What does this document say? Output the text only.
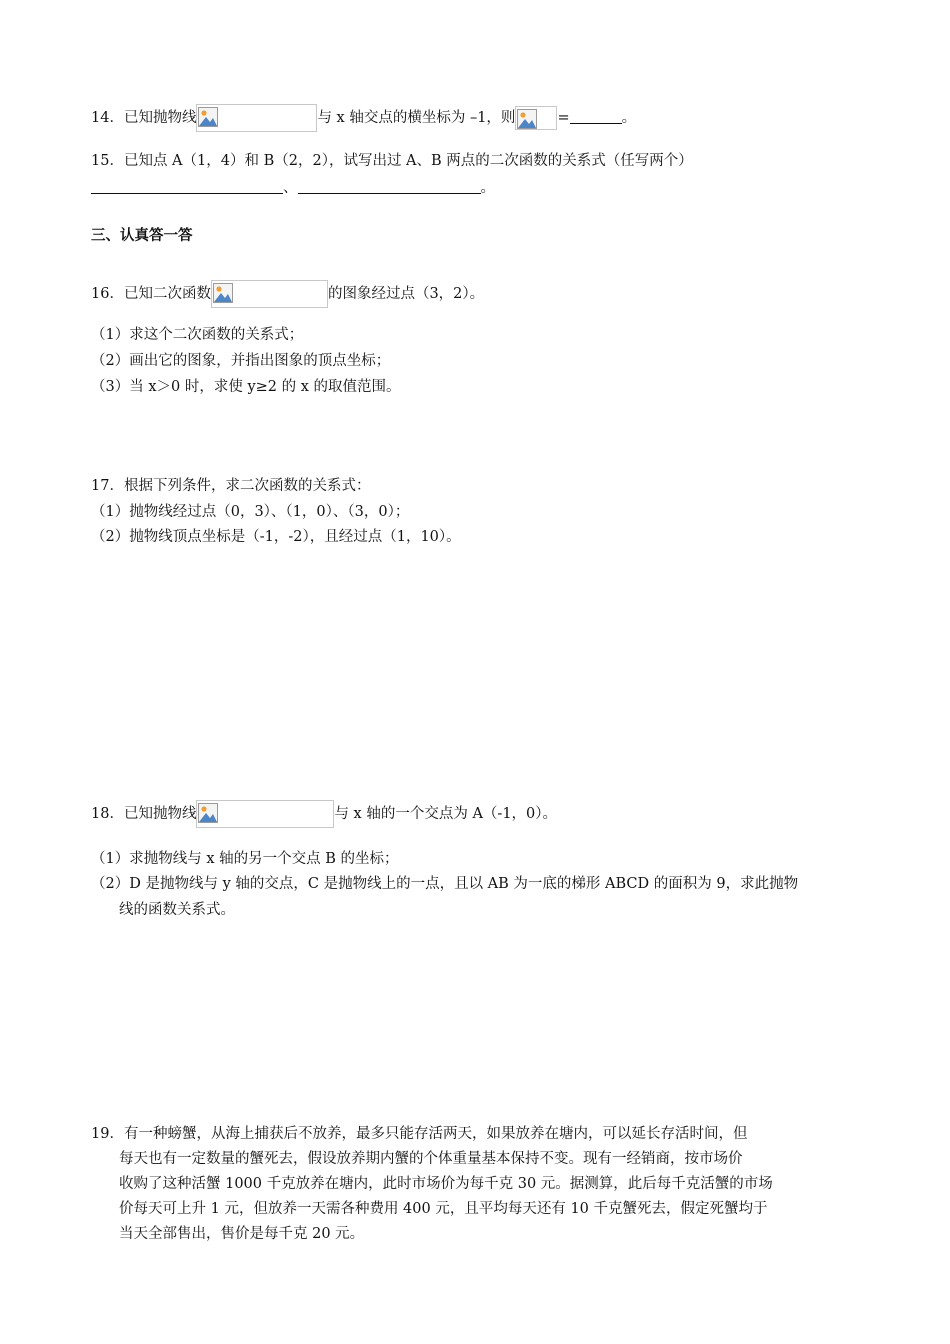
14．已知抛物线	与 x 轴交点的横坐标为 –1，则	=	。
15．已知点 A（1，4）和 B（2，2），试写出过 A、B 两点的二次函数的关系式（任写两个）
、	。
三、认真答一答
16．已知二次函数	的图象经过点（3，2）。
（1）求这个二次函数的关系式；
（2）画出它的图象，并指出图象的顶点坐标；
（3）当 x＞0 时，求使 y≥2 的 x 的取值范围。
17．根据下列条件，求二次函数的关系式：
（1）抛物线经过点（0，3）、（1，0）、（3，0）；
（2）抛物线顶点坐标是（-1，-2），且经过点（1，10）。
18．已知抛物线	与 x 轴的一个交点为 A（-1，0）。
（1）求抛物线与 x 轴的另一个交点 B 的坐标；
（2）D 是抛物线与 y 轴的交点，C 是抛物线上的一点，且以 AB 为一底的梯形 ABCD 的面积为 9，求此抛物
线的函数关系式。
19．有一种螃蟹，从海上捕获后不放养，最多只能存活两天，如果放养在塘内，可以延长存活时间，但
每天也有一定数量的蟹死去，假设放养期内蟹的个体重量基本保持不变。现有一经销商，按市场价
收购了这种活蟹 1000 千克放养在塘内，此时市场价为每千克 30 元。据测算，此后每千克活蟹的市场
价每天可上升 1 元，但放养一天需各种费用 400 元，且平均每天还有 10 千克蟹死去，假定死蟹均于
当天全部售出，售价是每千克 20 元。
